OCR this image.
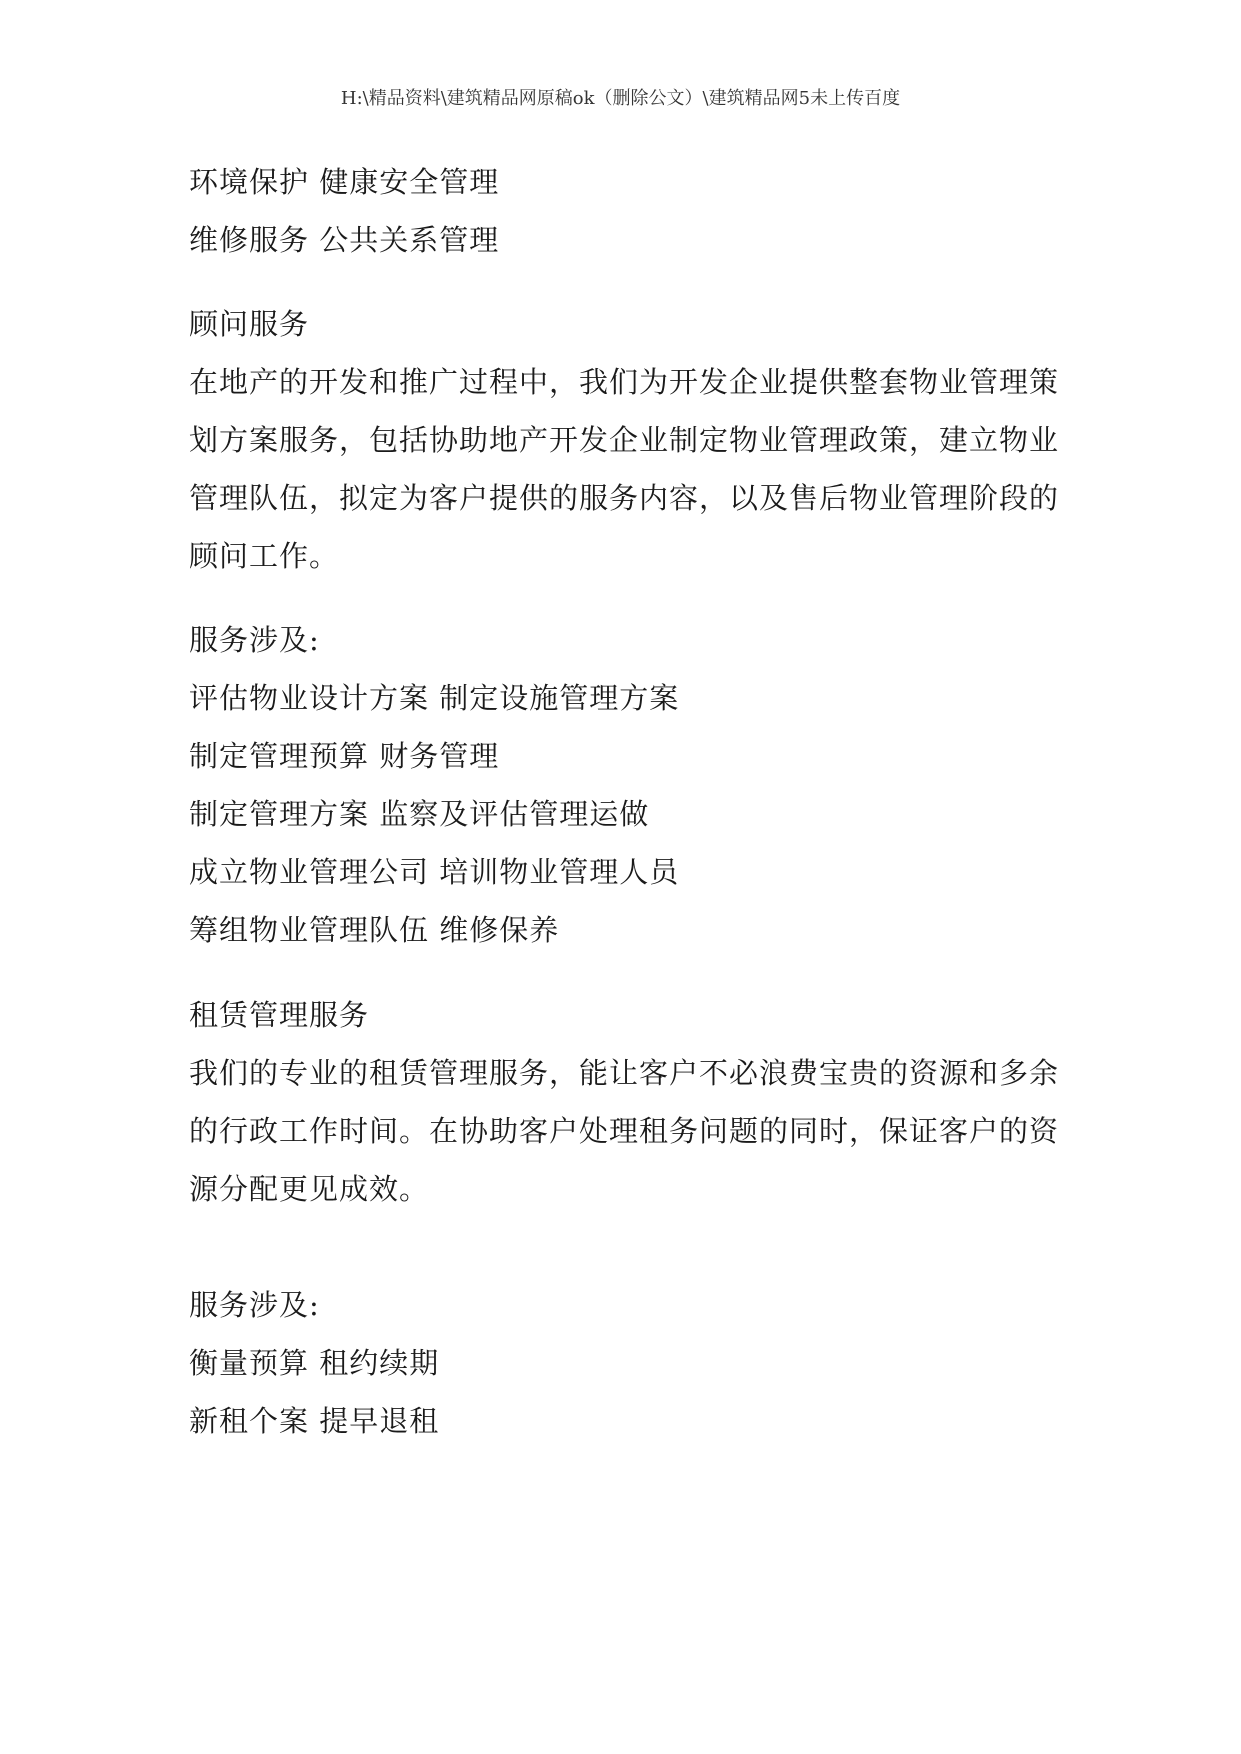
H:\精品资料\建筑精品网原稿ok（删除公文）\建筑精品网5未上传百度
环境保护 健康安全管理
维修服务 公共关系管理
顾问服务
在地产的开发和推广过程中，我们为开发企业提供整套物业管理策
划方案服务，包括协助地产开发企业制定物业管理政策，建立物业
管理队伍，拟定为客户提供的服务内容，以及售后物业管理阶段的
顾问工作。
服务涉及:
评估物业设计方案 制定设施管理方案
制定管理预算 财务管理
制定管理方案 监察及评估管理运做
成立物业管理公司 培训物业管理人员
筹组物业管理队伍 维修保养
租赁管理服务
我们的专业的租赁管理服务，能让客户不必浪费宝贵的资源和多余
的行政工作时间。在协助客户处理租务问题的同时，保证客户的资
源分配更见成效。
服务涉及:
衡量预算 租约续期
新租个案 提早退租
